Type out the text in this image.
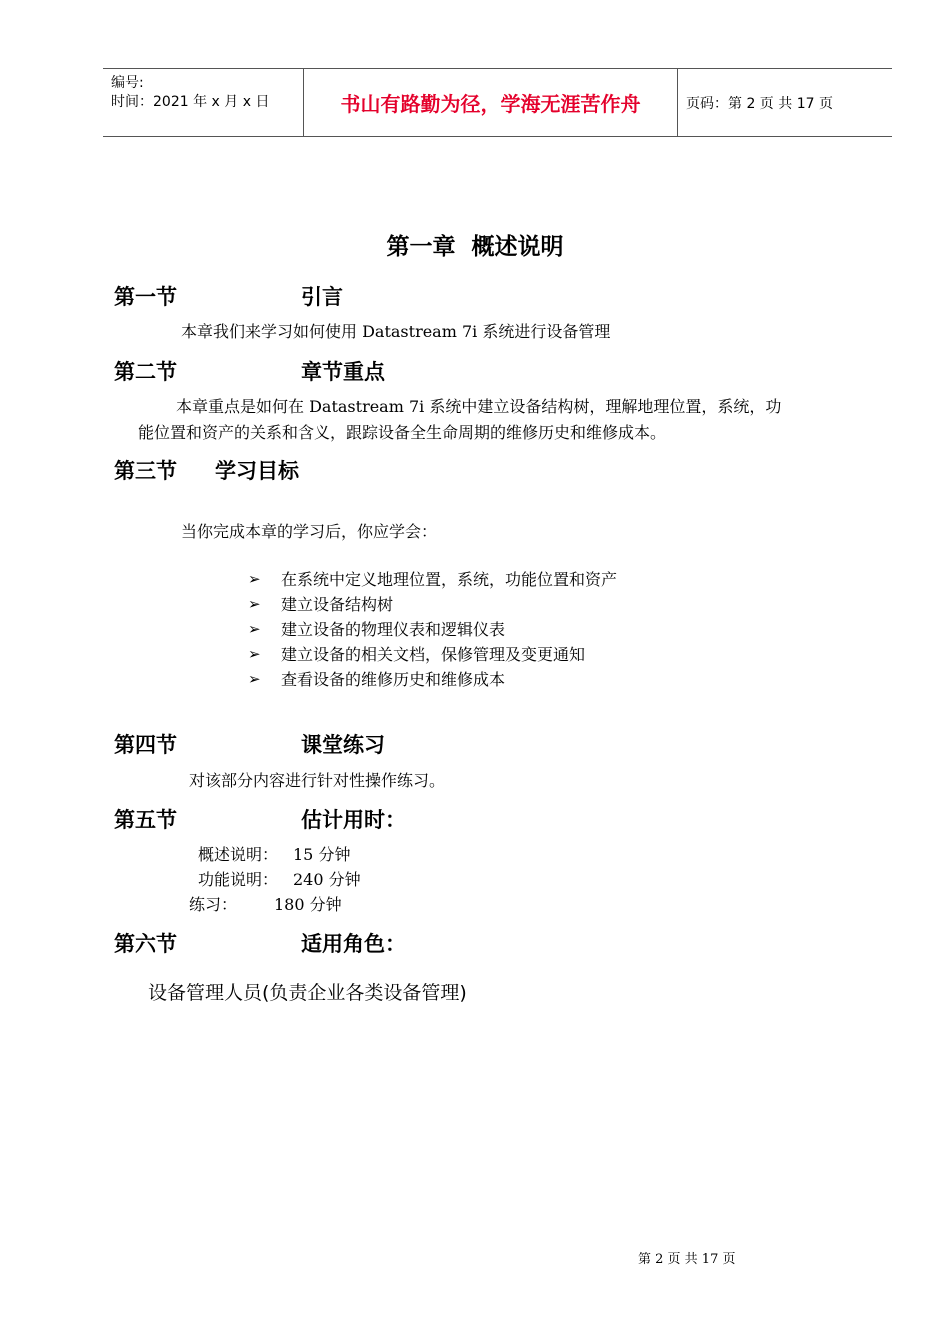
编号:
时间：2021 年 x 月 x 日	书山有路勤为径，学海无涯苦作舟	页码：第 2 页 共 17 页
第一章 概述说明
第一节	引言
本章我们来学习如何使用 Datastream 7i 系统进行设备管理
第二节	章节重点
本章重点是如何在 Datastream 7i 系统中建立设备结构树，理解地理位置，系统，功
能位置和资产的关系和含义，跟踪设备全生命周期的维修历史和维修成本。
第三节 学习目标
当你完成本章的学习后，你应学会：
➢	在系统中定义地理位置，系统，功能位置和资产
➢	建立设备结构树
➢	建立设备的物理仪表和逻辑仪表
➢	建立设备的相关文档，保修管理及变更通知
➢	查看设备的维修历史和维修成本
第四节	课堂练习
对该部分内容进行针对性操作练习。
第五节	估计用时：
概述说明： 15 分钟
功能说明： 240 分钟
练习： 180 分钟
第六节	适用角色：
设备管理人员(负责企业各类设备管理)
第 2 页 共 17 页
